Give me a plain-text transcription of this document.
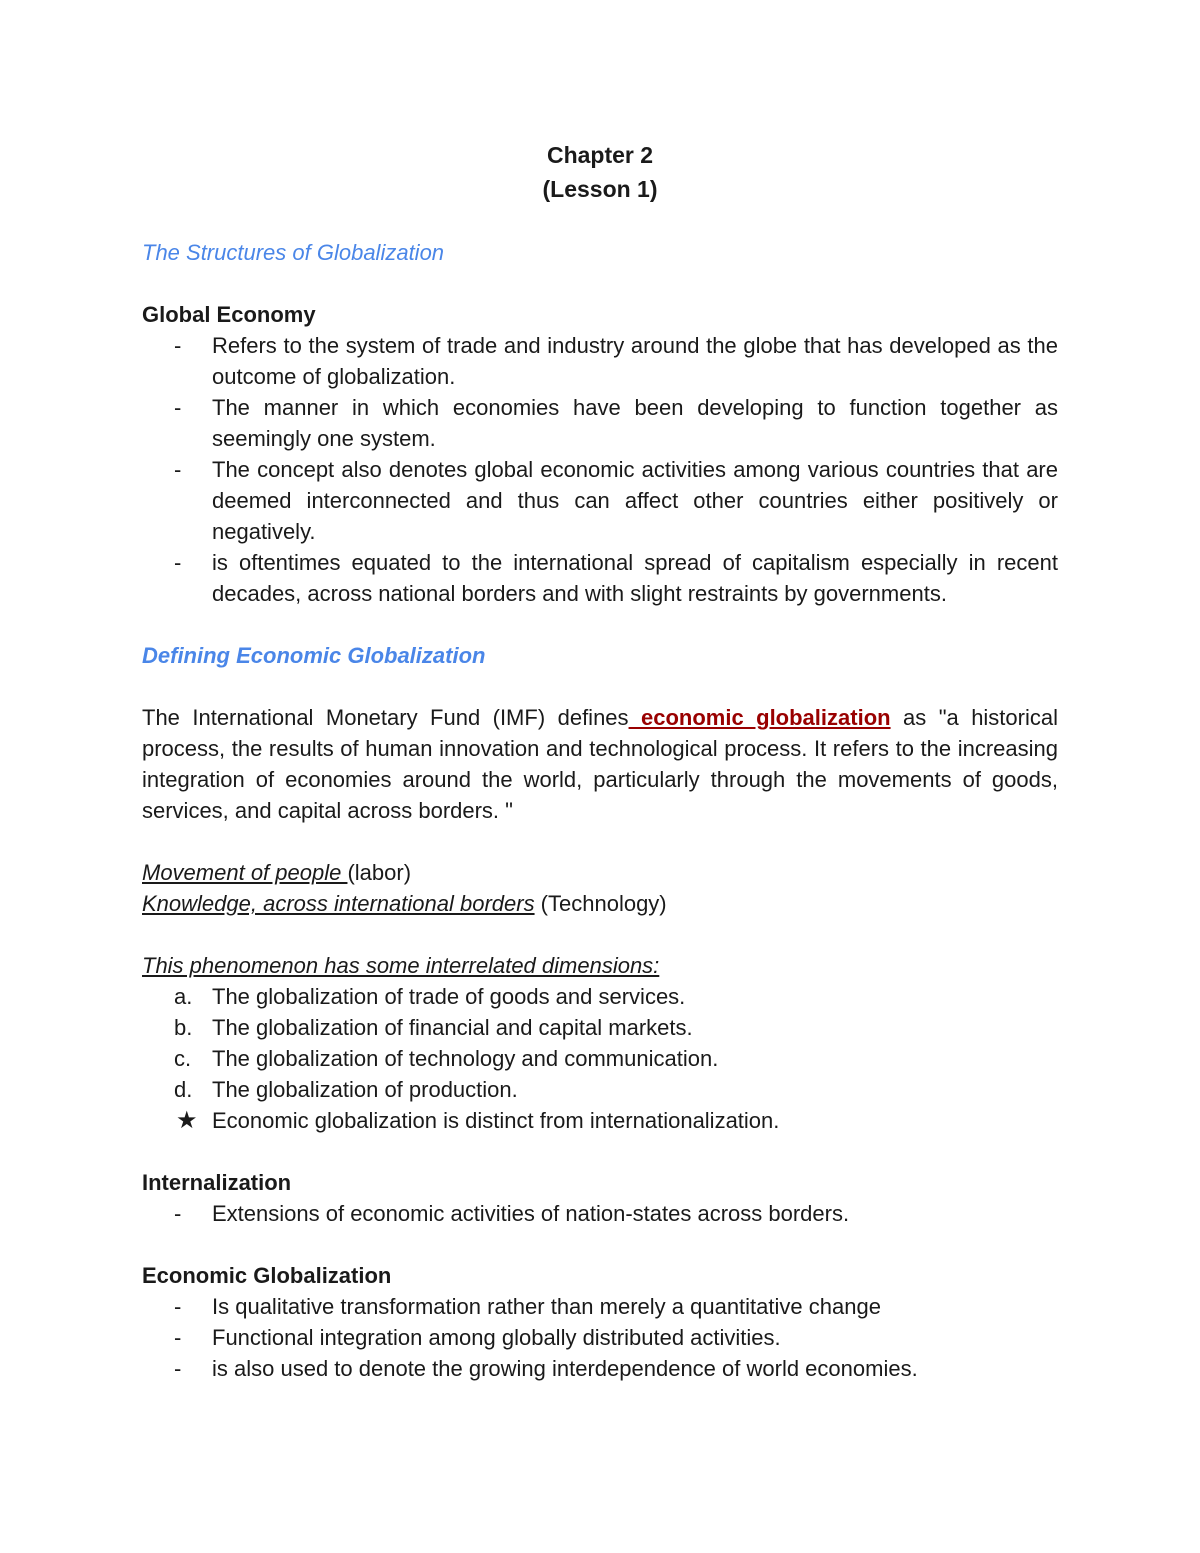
Chapter 2
(Lesson 1)

The Structures of Globalization

Global Economy

- Refers to the system of trade and industry around the globe that has developed as the outcome of globalization.
- The manner in which economies have been developing to function together as seemingly one system.
- The concept also denotes global economic activities among various countries that are deemed interconnected and thus can affect other countries either positively or negatively.
- is oftentimes equated to the international spread of capitalism especially in recent decades, across national borders and with slight restraints by governments.

Defining Economic Globalization

The International Monetary Fund (IMF) defines economic globalization as "a historical process, the results of human innovation and technological process. It refers to the increasing integration of economies around the world, particularly through the movements of goods, services, and capital across borders. "

Movement of people (labor)

Knowledge, across international borders (Technology)

This phenomenon has some interrelated dimensions:

a. The globalization of trade of goods and services.
b. The globalization of financial and capital markets.
c. The globalization of technology and communication.
d. The globalization of production.
★ Economic globalization is distinct from internationalization.

Internalization

- Extensions of economic activities of nation-states across borders.

Economic Globalization

- Is qualitative transformation rather than merely a quantitative change
- Functional integration among globally distributed activities.
- is also used to denote the growing interdependence of world economies.
